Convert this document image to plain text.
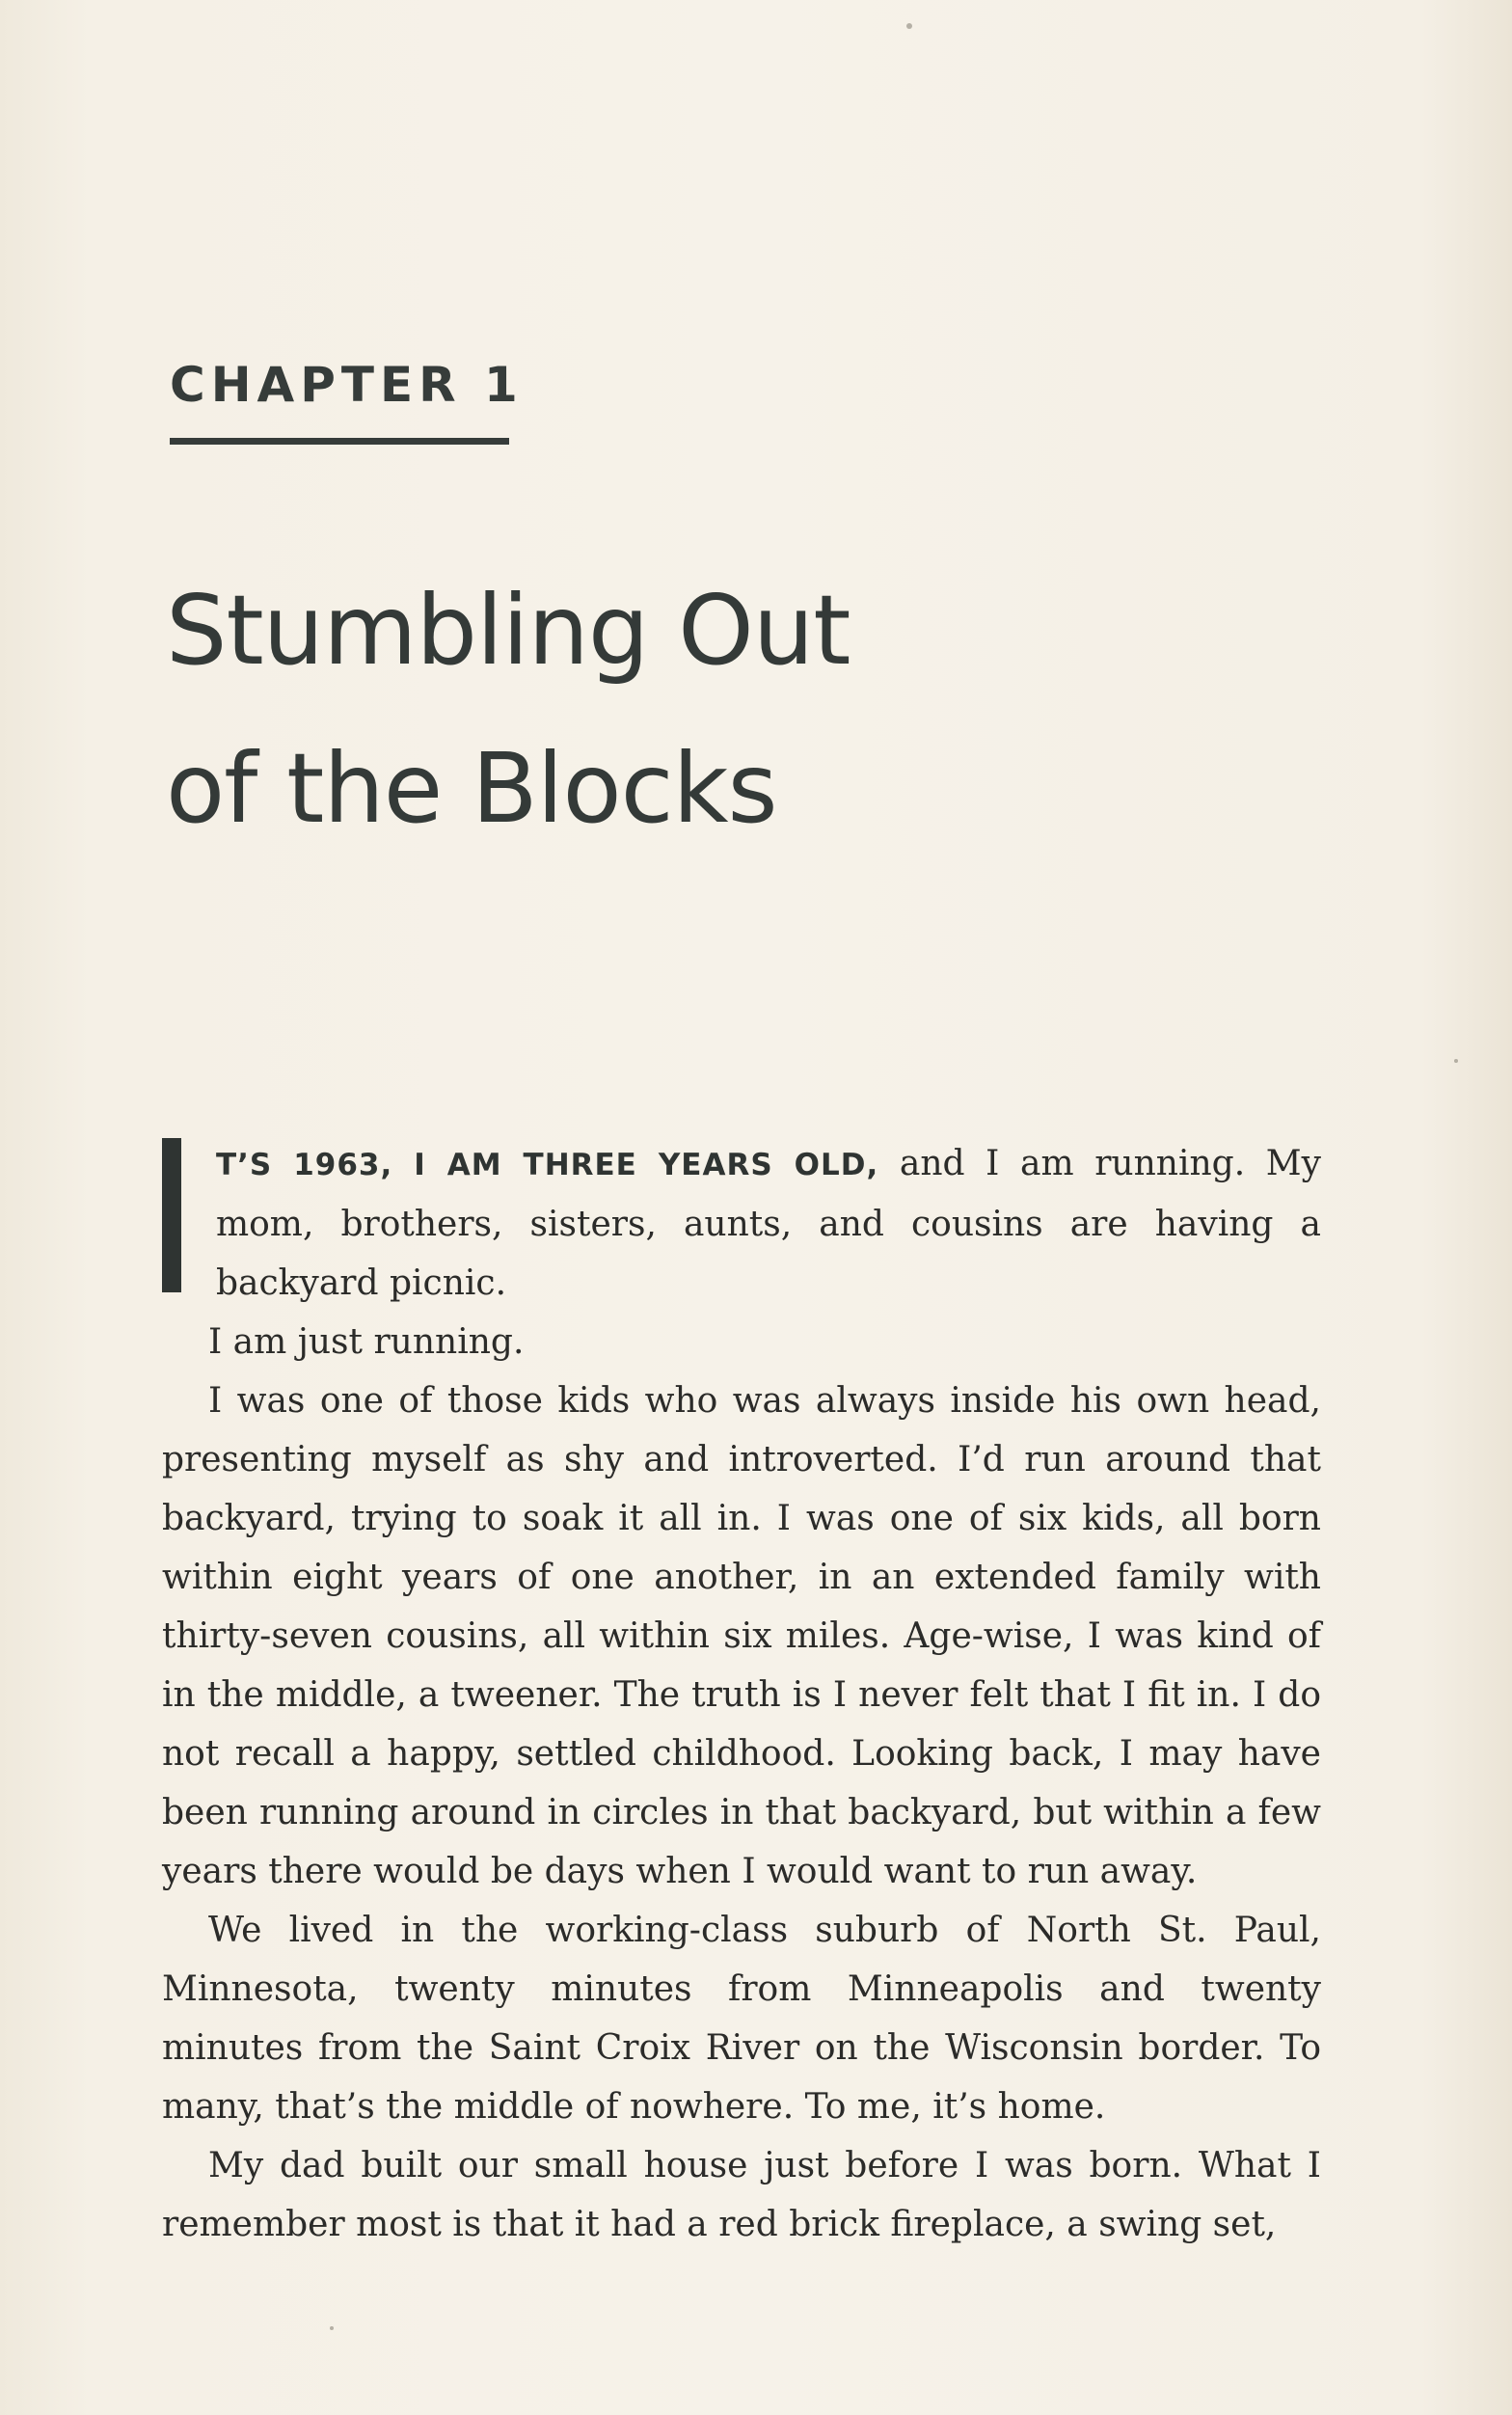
CHAPTER 1
Stumbling Out
of the Blocks

T’S 1963, I AM THREE YEARS OLD, and I am running. My mom, brothers, sisters, aunts, and cousins are having a backyard picnic.

I am just running.

I was one of those kids who was always inside his own head, presenting myself as shy and introverted. I’d run around that backyard, trying to soak it all in. I was one of six kids, all born within eight years of one another, in an extended family with thirty-seven cousins, all within six miles. Age-wise, I was kind of in the middle, a tweener. The truth is I never felt that I fit in. I do not recall a happy, settled childhood. Looking back, I may have been running around in circles in that backyard, but within a few years there would be days when I would want to run away.

We lived in the working-class suburb of North St. Paul, Minnesota, twenty minutes from Minneapolis and twenty minutes from the Saint Croix River on the Wisconsin border. To many, that’s the middle of nowhere. To me, it’s home.

My dad built our small house just before I was born. What I remember most is that it had a red brick fireplace, a swing set,
